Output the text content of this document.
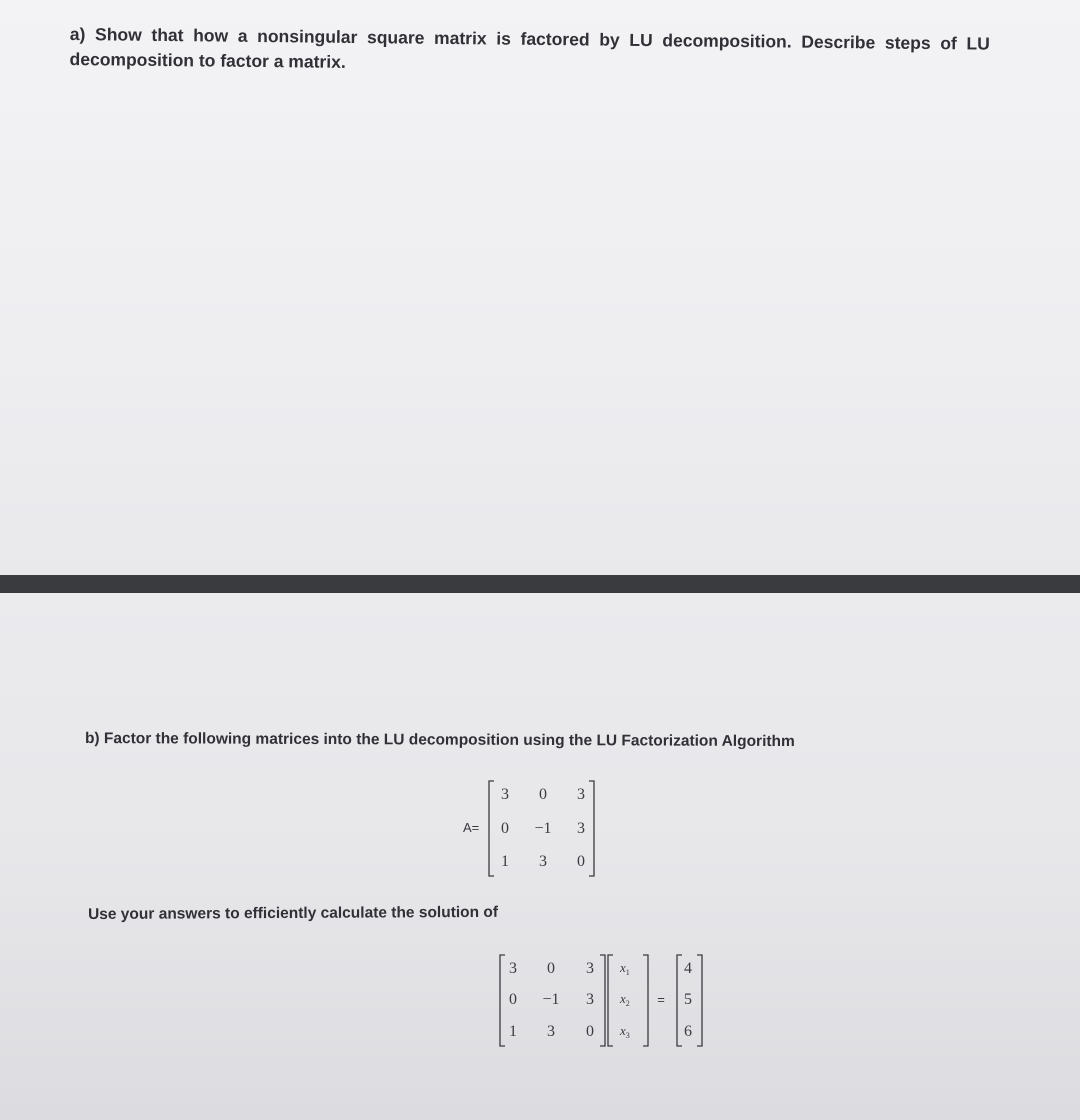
a) Show that how a nonsingular square matrix is factored by LU decomposition. Describe steps of LU
decomposition to factor a matrix.
b) Factor the following matrices into the LU decomposition using the LU Factorization Algorithm
Use your answers to efficiently calculate the solution of
A=
3 0 3
0 −1 3
1 3 0
3 0 3
0 −1 3
1 3 0
x1
x2
x3
=
4
5
6
